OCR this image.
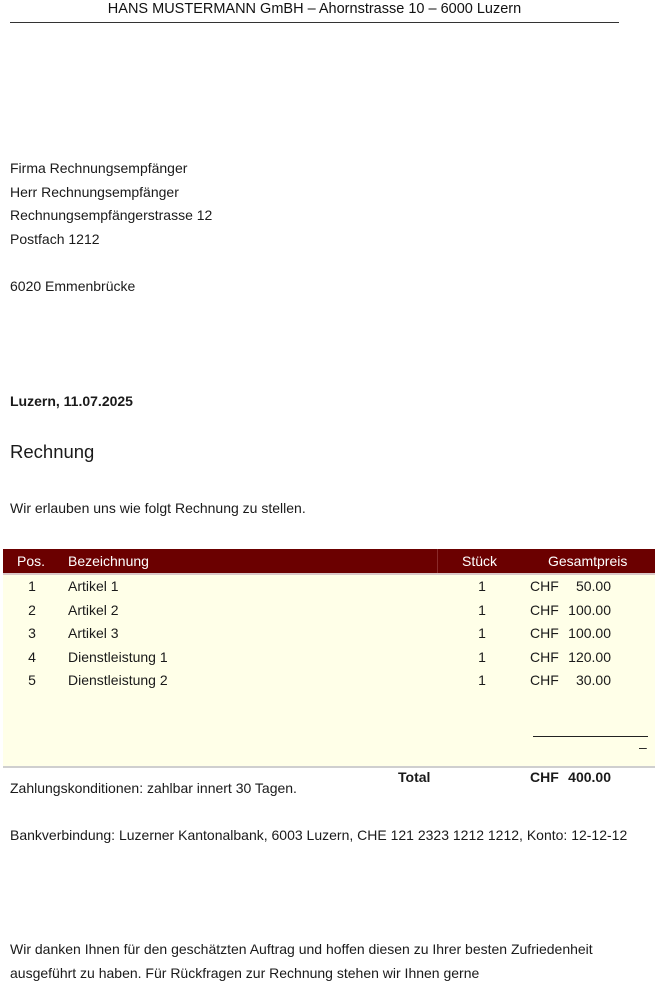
HANS MUSTERMANN GmBH – Ahornstrasse 10 – 6000 Luzern
Firma Rechnungsempfänger
Herr Rechnungsempfänger
Rechnungsempfängerstrasse 12
Postfach 1212
6020 Emmenbrücke
Luzern, 11.07.2025
Rechnung
Wir erlauben uns wie folgt Rechnung zu stellen.
Pos. Bezeichnung	Stück	Gesamtpreis
1	Artikel 1	1	CHF	50.00
2	Artikel 2	1	CHF 100.00
3	Artikel 3	1	CHF 100.00
4	Dienstleistung 1	1	CHF 120.00
5	Dienstleistung 2	1	CHF	30.00
–
Total	CHF 400.00
Zahlungskonditionen: zahlbar innert 30 Tagen.
Bankverbindung: Luzerner Kantonalbank, 6003 Luzern, CHE 121 2323 1212 1212, Konto: 12-12-12
Wir danken Ihnen für den geschätzten Auftrag und hoffen diesen zu Ihrer besten Zufriedenheit ausgeführt zu haben. Für Rückfragen zur Rechnung stehen wir Ihnen gerne
